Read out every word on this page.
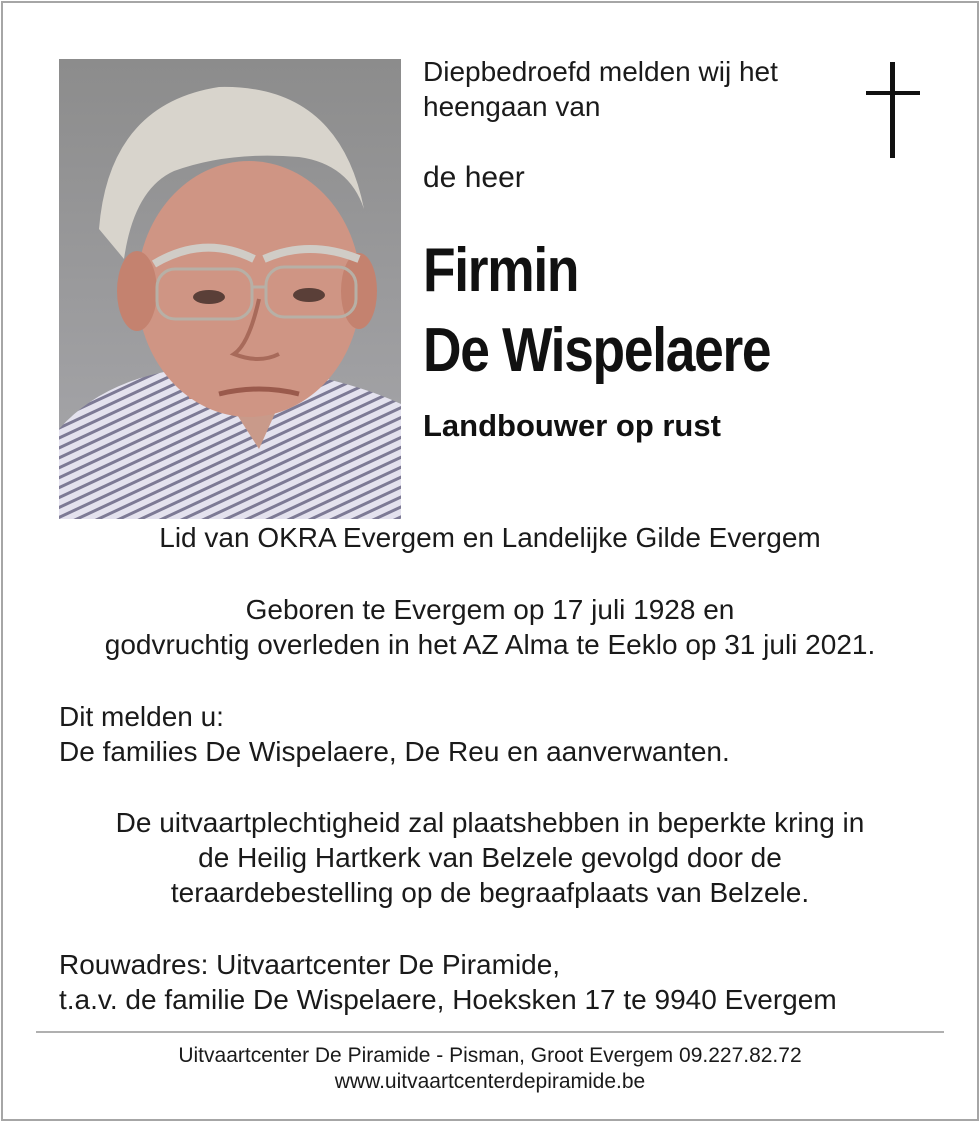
Diepbedroefd melden wij het
heengaan van
de heer
Firmin
De Wispelaere
Landbouwer op rust
Lid van OKRA Evergem en Landelijke Gilde Evergem
Geboren te Evergem op 17 juli 1928 en
godvruchtig overleden in het AZ Alma te Eeklo op 31 juli 2021.
Dit melden u:
De families De Wispelaere, De Reu en aanverwanten.
De uitvaartplechtigheid zal plaatshebben in beperkte kring in
de Heilig Hartkerk van Belzele gevolgd door de
teraardebestelling op de begraafplaats van Belzele.
Rouwadres: Uitvaartcenter De Piramide,
t.a.v. de familie De Wispelaere, Hoeksken 17 te 9940 Evergem
Uitvaartcenter De Piramide - Pisman, Groot Evergem 09.227.82.72
www.uitvaartcenterdepiramide.be
